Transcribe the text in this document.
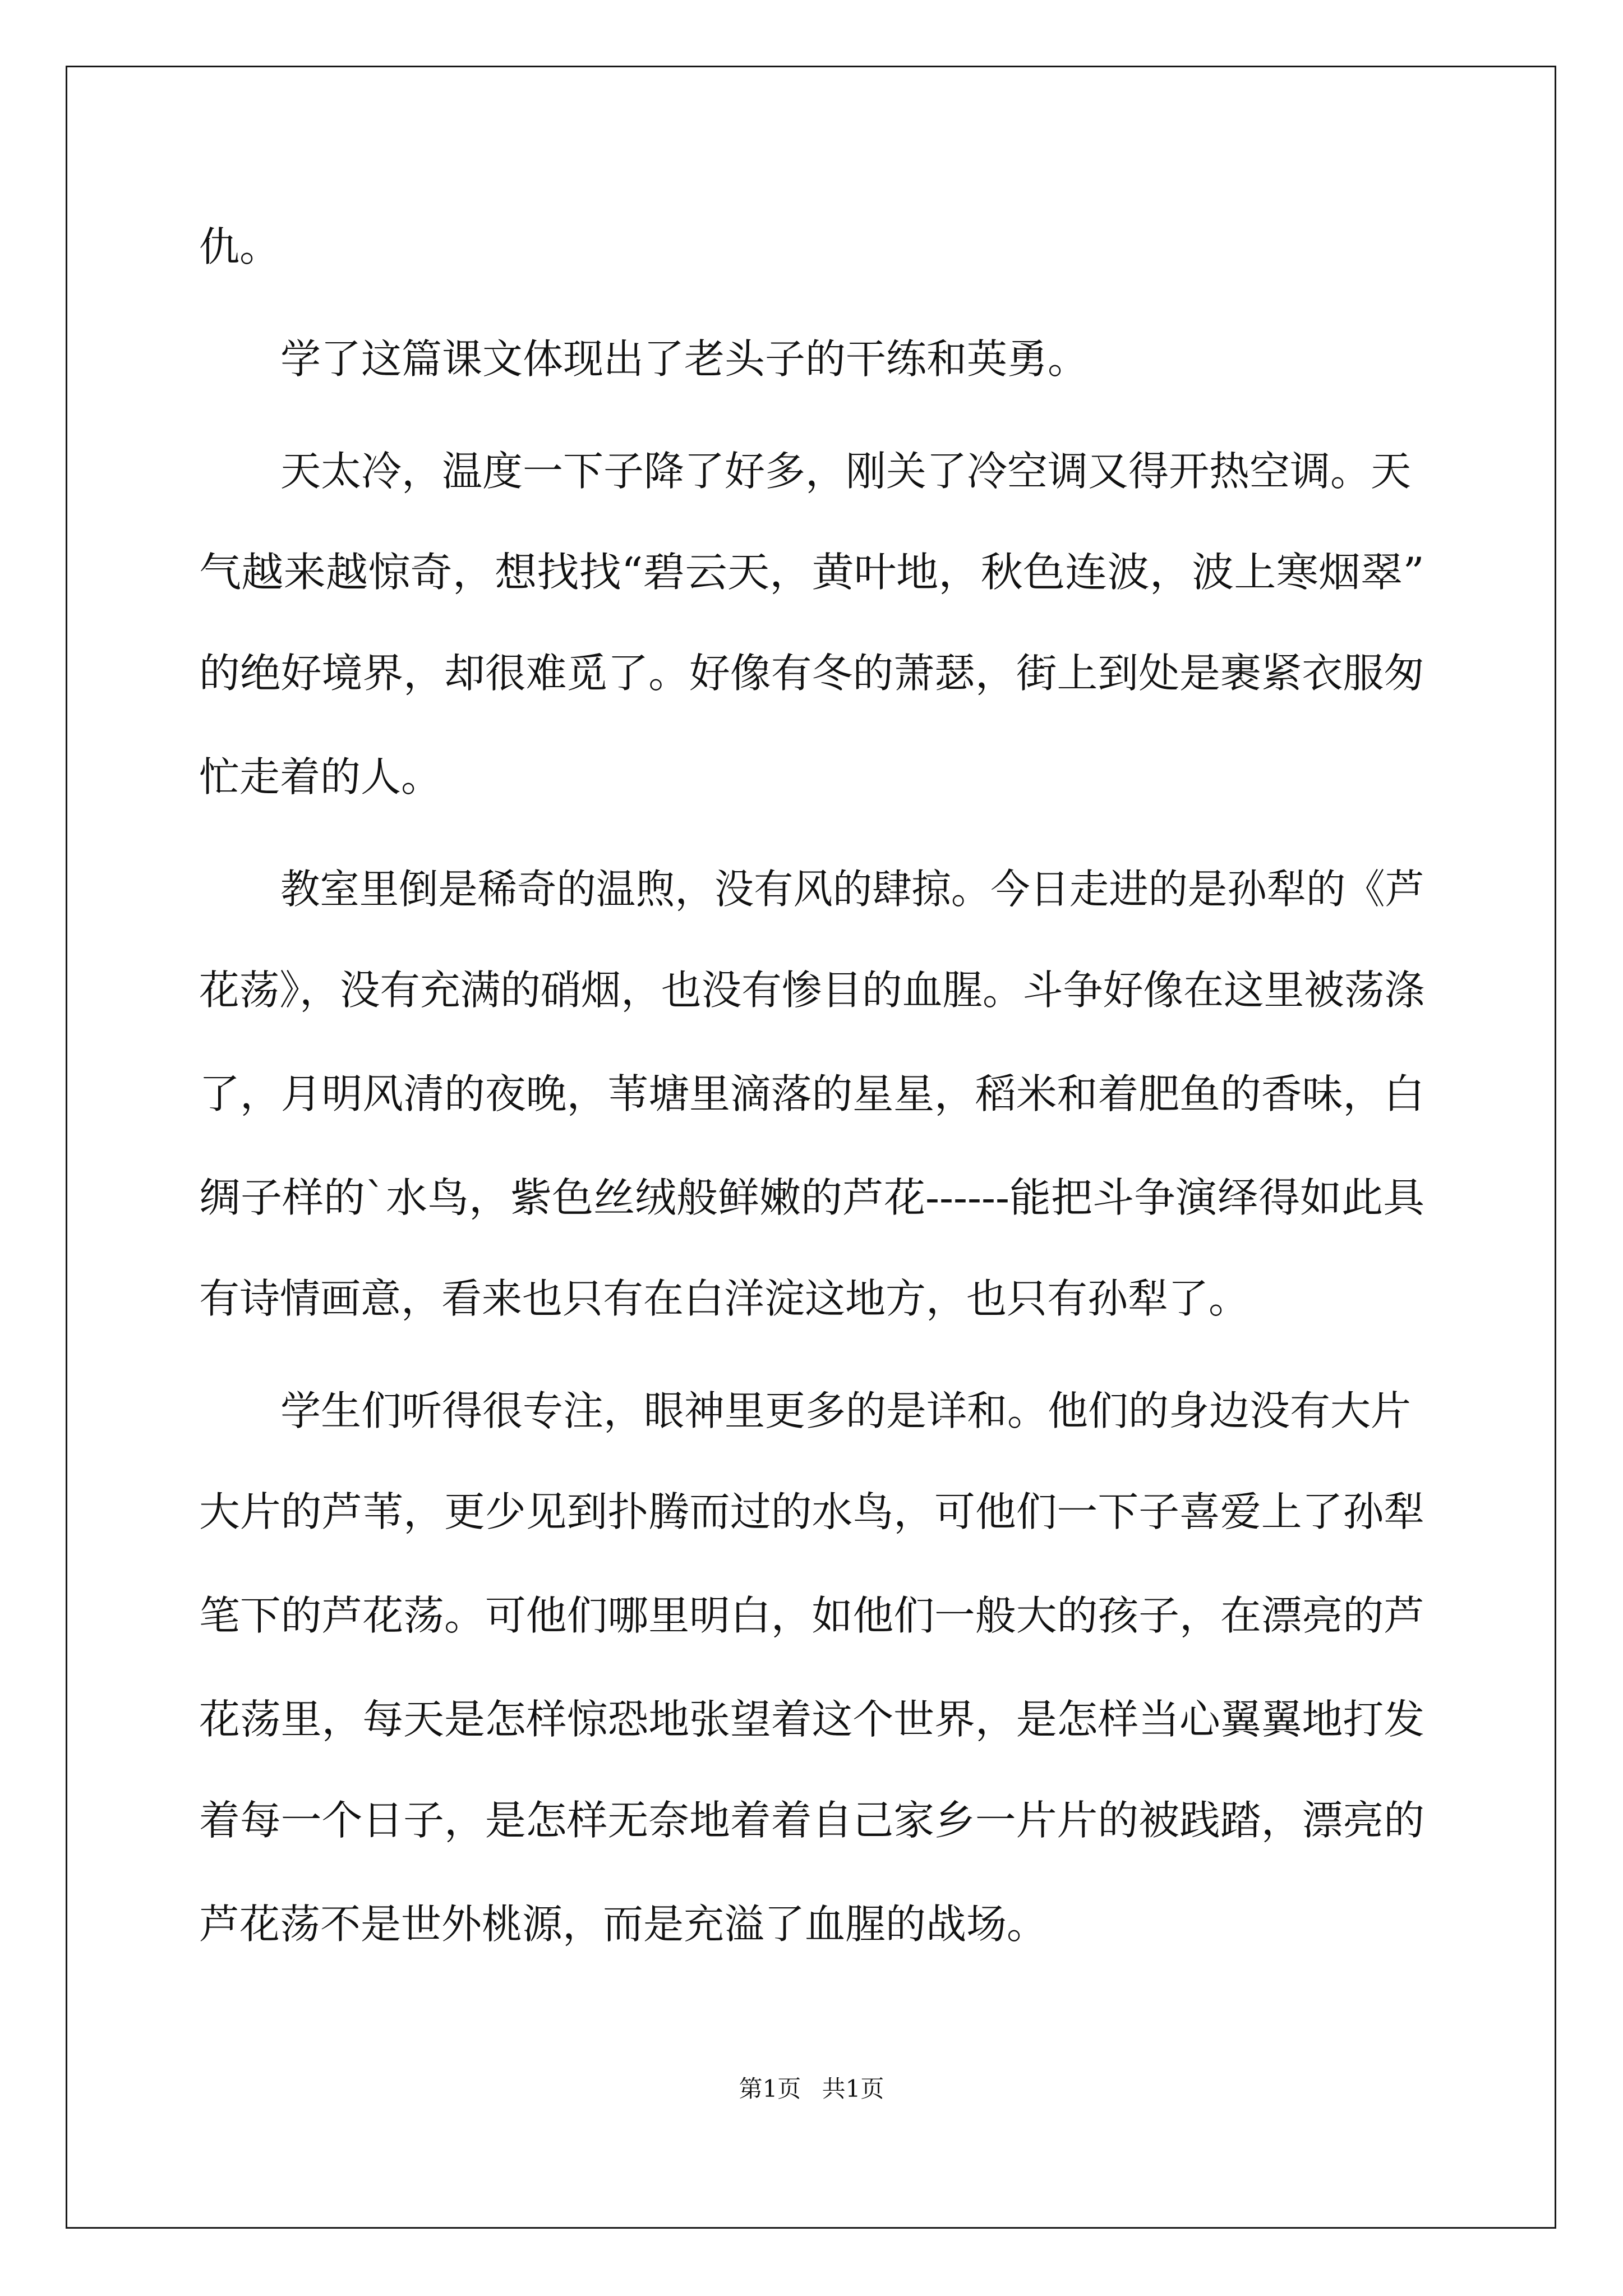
仇。
学了这篇课文体现出了老头子的干练和英勇。
天太冷，温度一下子降了好多，刚关了冷空调又得开热空调。天
气越来越惊奇，想找找“碧云天，黄叶地，秋色连波，波上寒烟翠”
的绝好境界，却很难觅了。好像有冬的萧瑟，街上到处是裹紧衣服匆
忙走着的人。
教室里倒是稀奇的温煦，没有风的肆掠。今日走进的是孙犁的《芦
花荡》，没有充满的硝烟，也没有惨目的血腥。斗争好像在这里被荡涤
了，月明风清的夜晚，苇塘里滴落的星星，稻米和着肥鱼的香味，白
绸子样的`水鸟，紫色丝绒般鲜嫩的芦花------能把斗争演绎得如此具
有诗情画意，看来也只有在白洋淀这地方，也只有孙犁了。
学生们听得很专注，眼神里更多的是详和。他们的身边没有大片
大片的芦苇，更少见到扑腾而过的水鸟，可他们一下子喜爱上了孙犁
笔下的芦花荡。可他们哪里明白，如他们一般大的孩子，在漂亮的芦
花荡里，每天是怎样惊恐地张望着这个世界，是怎样当心翼翼地打发
着每一个日子，是怎样无奈地着着自己家乡一片片的被践踏，漂亮的
芦花荡不是世外桃源，而是充溢了血腥的战场。
第1页 共1页
